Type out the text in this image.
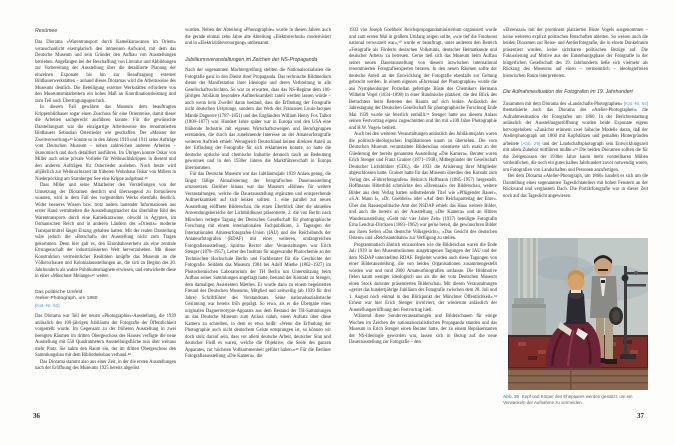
Resümee

Das Diorama «Warentransport durch Kamelkarawanen im Orient» veranschaulicht exemplarisch den immensen Aufwand, mit dem das Deutsche Museum und sein Gründer den Aufbau von Ausstellungen betrieben. Angefangen bei der Beschaffung von Literatur und Abbildungen zur Vorbereitung der Ausstellung über die detaillierte Planung der einzelnen Exponate bis hin zur Beauftragung externer Bildhauerwerkstätten – anhand dieses Dioramas wird die Arbeitsweise des Museums deutlich. Die Beteiligung externer Werkstätten erforderte von den Museumsmitarbeitern ein hohes Maß an Koordinationsleistung und zum Teil auch Übertragungsgeschick.

In diesem Fall gewährte das Museum dem beauftragten Krippenbildhauer sogar einen Zuschuss für eine Orientreise, damit dieser die Arbeiten sachgerecht ausführen konnte. Für die gewünschte Darstellungsart war die einzigartige Arbeitsweise des renommierten Bildhauers Sebastian Osterrieder wie geschaffen. Der «Meister der Zweitverwertung»⁴⁵ konnte so in den Jahren 1910 und 1911 seine Aufträge vom Deutschen Museum – neben zahlreichen anderen Arbeiten – ökonomisch und doch detailliert ausführen. Im Übrigen konnte Oskar von Miller auch seine private Vorliebe für Weihnachtskrippen in diesem und den anderen Aufträgen für Osterrieder ausleben. Noch heute wird alljährlich zur Weihnachtszeit im früheren Wohnhaus Oskar von Millers in Niederpöcking am Starnberger See eine Krippe aufgebaut.⁴⁶

Dass Miller und seine Mitarbeiter den Vorstellungen von der Umsetzung der Dioramen deutlich und überzeugend zu formulieren wussten, wird in dem Fall des vorgestellten Werks ebenfalls deutlich. Wider besseres Wissen bzw. trotz anders lautender Informationen aus erster Hand vermittelten die Ausstellungsmacher das überhöhte Bild des Warentransports durch eine Kamelkarawane, obwohl in Ägypten, im Osmanischen Reich und in anderen Ländern des «Orients» moderne Transportmittel längst Einzug gehalten hatten. Mit der realen Darstellung wäre jedoch die «Botschaft» der Ausstellung nicht zum Tragen gekommen. Denn hier galt es, den Eisenbahnverkehr als eine zentrale Errungenschaft der industrialisierten Welt hervorzuheben. Mit dieser Konstruktion vermeintlicher Realitäten knüpfte das Museum an die Völkerschauen und Kolonialausstellungen an, die sich zu Beginn des 20. Jahrhunderts als wahre Publikumsmagnete erwiesen, und entwickelte diese in einer «Münchner Melange»⁴⁷ weiter.

Das politische Umfeld
Atelier-Photograph, um 1860
[Kat.-Nr. 53]

Das Diorama war Teil der neuen «Photographie»-Ausstellung, die 1939 anlässlich des 100-jährigen Jubiläums der Fotografie der Öffentlichkeit vorgestellt wurde. Im Gegensatz zu der früheren Ausstellung in zwei beengten Räumen im dritten Obergeschoss des Hauses verfügte die neue Ausstellung mit 550 Quadratmetern Ausstellungsfläche nun über weitaus mehr Platz. Sie nahm den Raum ein, der im dritten Obergeschoss den Sammlungsbau mit dem Bibliotheksbau verband.⁴⁸

Das Diorama stammt also aus einer Zeit, in der die ersten Ausstellungen nach der Eröffnung des Museums 1925 bereits abgelöst

wurden. Neben der Abteilung «Phonographie» wurde in diesen Jahren auch die gerade einmal zehn Jahre alte Abteilung «Elektrotechnik» modernisiert und in «Elektrizitätsversorgung» umbenannt.

Jubiläumsveranstaltungen im Zeichen der NS-Propaganda

Nach der sogenannten Machtergreifung stellten die Nationalsozialisten die Fotografie ganz in den Dienst ihrer Propaganda. Das technische Bildmedium diente der Manifestation ihrer Ideologie und deren Verbreitung in alle Gesellschaftsschichten. So war zu erwarten, dass das NS-Regime dem 100-jährigen Jubiläum besondere Aufmerksamkeit zuteil werden lassen würde – auch wenn kein Zweifel daran bestand, dass die Erfindung der Fotografie nicht deutschen Ursprungs, sondern das Werk des Franzosen Louis-Jacques Mandé Daguerre (1787–1851) und des Engländers William Henry Fox Talbot (1800–1877) war. Hundert Jahre später war in Europa und den USA eine blühende Industrie mit eigenen Wirtschaftszweigen und Berufsgruppen entstanden, die durch das zunehmende Interesse an der Amateurfotografie weiteren Auftrieb erhielt. Wenngleich Deutschland keinen direkten Anteil an der Erfindung der Fotografie für sich reklamieren konnte, so hatte die deutsche optische und chemische Industrie dennoch rasch an Bedeutung gewonnen und in den 1930er Jahren die Marktführerschaft in Europa übernommen.

Für das Deutsche Museum war das Jubiläumsjahr 1939 Anlass genug, die längst fällige Aktualisierung der fotografischen Dauerausstellung umzusetzen. Darüber hinaus war das Museum «Bühne» für weitere Veranstaltungen, welche die Dauerausstellung ergänzten und entsprechende Aufmerksamkeit auf sich lenken sollten: 1. eine parallel zur neuen Ausstellung eröffnete Bilderschau, die einen Überblick über die aktuellen Anwendungsbereiche der Lichtbildkunst präsentierte, 2. die von Berlin nach München verlegte Tagung der Deutschen Gesellschaft für photographische Forschung mit einem internationalen Fachpublikum, 3. Tagungen der Internationalen Amateurfotografen-Union (IAU) und des Reichsbunds der Amateurfotografen (RDAF) mit einer weiteren, umfangreichen Fotografieausstellung. Spiritus Rector aller Veranstaltungen war Erich Stenger (1878–1957), Leiter des Instituts für angewandte Photochemie an der Technischen Hochschule Berlin und Fachberater für die Geschichte der Fotografie. Seitdem das Museum 1904 bei Adolf Miethe (1862–1927) im Photochemischen Laboratorium der TH Berlin um Unterstützung beim Aufbau seiner Sammlungen angefragt hatte, bestand der Kontakt zu Stenger, dem damaligen Assistenten Miethes. Er wurde dann zu einem begeisterten Freund des Deutschen Museums, Mitglied und zeitweilig (ab 1939 für drei Jahre) Schriftführer des Vorstandsrats. Seine nationalsozialistische Gesinnung war bereits früh geprägt. So etwa, als er die Übergabe eines originalen Daguerreotypie-Apparats aus dem Bestand der TH-Sammlungen an das Deutsche Museum zum Anlass nahm, einen Aufsatz über diese Kamera zu schreiben, in dem es etwa heißt: «Wenn die Erfindung der Photographie auch nicht deutschem Geiste entsprungen ist, so können wir doch stolz darauf sein, dass vor allem deutsche Arbeit, deutscher Sinn und deutscher Fleiß es waren, welche die Objektive, die Seele des ganzen Apparates, zur höchsten Vollkommenheit geführt haben.»⁴⁹ Für die Berliner Fotografieausstellung «Die Kamera», die

1933 von Joseph Goebbels' Reichspropagandaministerium organisiert wurde und zum ersten Mal in großem Umfang zeigen sollte, «wie tief die Fotokunst national verwurzelt war»,⁵⁰ wurde er beauftragt, unter anderem den Bereich «Fotografie als Förderin deutschen Volkstums, deutscher Heimatkunde und deutscher Arbeit» zu betreuen. Gerne ließ sich das Museum beim Aufbau seiner neuen Dauerausstellung von diesem inzwischen international renommierten Fotografieexperten beraten. In den neuen Räumen sollte der deutsche Anteil an der Entwicklung der Fotografie ebenfalls zur Geltung gebracht werden. In einem eigenen «Ehrensaal der Photographie» wurde die aus Nymphenburger Porzellan gefertigte Büste des Chemikers Hermann Wilhelm Vogel (1834–1898) in einer Rundnische platziert, die den Blick des Betrachters beim Betreten des Raums auf sich lenkte. Anlässlich der Jahrestagung der Deutschen Gesellschaft für photographische Forschung Ende Mai 1939 wurde sie feierlich enthüllt.⁵¹ Stenger hatte aus diesem Anlass seinen Festvortrag eigens zugeschnitten und ihn mit «100 Jahre Photographie und H.W. Vogel» betitelt.

Auch bei den weiteren Veranstaltungen anlässlich des Jubiläumsjahrs waren die politisch-ideologischen Implikationen kaum zu übersehen. Die vom Deutschen Museum veranstaltete Bilderschau orientierte sich exakt an der Gliederung der bereits genannten Ausstellung «Die Kamera». Berater waren Erich Stenger und Franz Grainer (1871–1948), Mitbegründer der Gesellschaft Deutscher Lichtbildner (GDL), die 1933 die Arisierung ihrer Mitglieder abgeschlossen hatte. Grainer hatte für das Museum überdies den Kontakt zum Verlag des «Führerfotografen» Heinrich Hoffmann (1885–1957) hergestellt. Hoffmanns Hitlerbild schmückte den «Ehrensaal» der Bilderschau, weitere Bilder aus dem Verlag hatten selbstredende Titel wie «Pflügender Bauer», «S.A. Mann I», «Dr. Goebbels» oder «Auf dem Reichsparteitag der Ehre». Über das Rassenpolitische Amt der NSDAP erhielt das Haus weitere Bilder, und auch die bereits an der Ausstellung «Die Kamera» und an Hitlers Wanderausstellung «Gebt mir vier Jahre Zeit» (1937) beteiligte Fotografin Erna Lendvai-Dircksen (1883–1962) war gerne bereit, die gewünschten Bilder aus ihren Serien «Das deutsche Volksgesicht», «Das Gesicht des deutschen Ostens» und «Reichsautobahn» zur Verfügung zu stellen.

Programmatisch ähnlich einzuordnen wie die Bilderschau waren die Ende Juli 1939 in den Museumsräumen ausgetragenen Tagungen der IAU und der dem NSDAP unterstellten RDAF. Begleitet wurden auch diese Tagungen von einer Bilderausstellung, die von beiden Organisationen zusammengestellt worden war und rund 2000 Amateurfotografien umfasste. Die Bildmotive fielen kaum weniger ideologisch aus als die der vom Deutschen Museum einen Stock darunter präsentierten Bilderschau. Mit diesen Veranstaltungen «geriet das hundertjährige Jubiläum der Fotografie zwischen dem 28. Juli und 1. August noch einmal in den Blickpunkt der Münchner Öffentlichkeit».⁵² Erneut war hier Erich Stenger involviert, der wiederum anlässlich der Ausstellungseröffnung den Festvortrag hielt.

Während diese Sonderveranstaltungen und Bilderschauen für einige Wochen im Zeichen der nationalsozialistischen Propaganda standen und das Museum in Erich Stenger einen Berater hatte, der zu einem Repräsentanten der NS-Ideologie geworden war, lassen sich in Bezug auf die neue Dauerausstellung zur Fotografie – den

«Ehrensaal» mit der prominent platzierten Büste Vogels ausgenommen – keine weiteren explizit politischen Botschaften ableiten. So weisen auch die beiden Dioramen zur Reise- und Atelierfotografie, die in einem Dunkelraum präsentiert wurden, keine sichtbaren politischen Bezüge auf. Die Fokussierung auf Motive aus der Entstehungsphase der Fotografie in der bürgerlichen Gesellschaft des 19. Jahrhunderts ließe sich vielmehr als Rückzug des Museums auf einen – vermeintlich – ideologiefreien historischen Raum interpretieren.

Die Aufnahmesituation der Fotografen im 19. Jahrhundert

Zusammen mit dem Diorama des «Landschafts-Photographen» [Kat.-Nr. 54] thematisierte auch das Diorama des «Atelier-Photographen» die Aufnahmesituation der Fotografen um 1860. In der Berichterstattung anlässlich der Ausstellungseröffnung wurden beide Exponate eigens hervorgehoben: «Zunächst erinnern zwei hübsche Modelle daran, daß der Atelierphotograph um 1860 mit Kopfstützen und gemalten Hintergründen arbeitete [Abb. 29] und der Landschaftsphotograph sein Entwicklungszelt mit allem Zubehör mitführen mußte.»⁵³ Die beiden Dioramen sollten die für die Zeitgenossen der 1930er Jahre kaum mehr vorstellbaren Mühen verdeutlichen, die noch ein gutes halbes Jahrhundert zuvor notwendig waren, um Fotografien von Landschaften und Personen anzufertigen.

Bei dem Diorama «Atelier-Photograph, um 1860» handelt es sich um die Darstellung eines sogenannten Tageslichtateliers mit hohen Fenstern an der Rückwand und verglastem Dach. Die Porträtfotografie war in dieser Zeit noch auf das Tageslicht angewiesen.

Abb. 29 Kopf und Körper des Ehepaares werden gestützt, um ein Verwackeln der Aufnahme zu vermeiden.
36	37
